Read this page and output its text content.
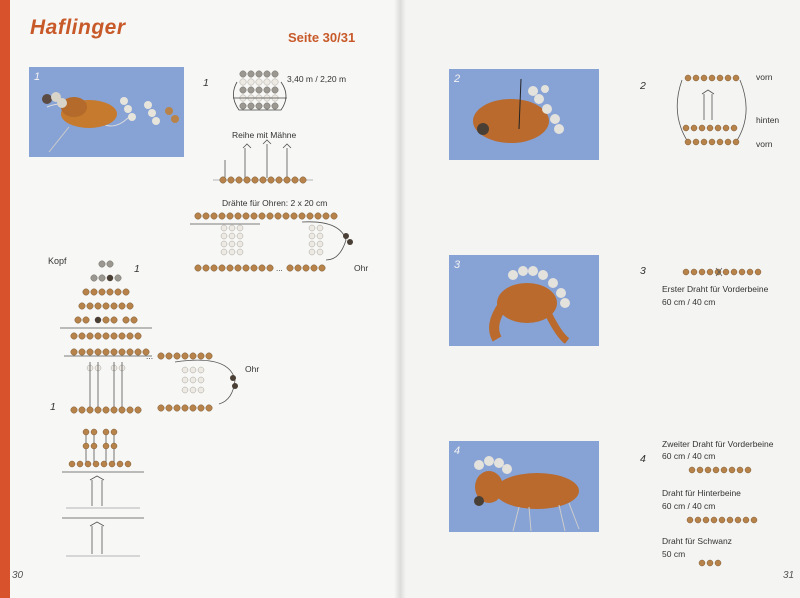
Haflinger	Seite 30/31
1	1	3,40 m / 2,20 m
Reihe mit Mähne
Drähte für Ohren: 2 x 20 cm
...	Ohr
Kopf
1
...
Ohr
1
30
2
2
vorn
hinten
vorn
3	3
Erster Draht für Vorderbeine
60 cm / 40 cm
4
4
Zweiter Draht für Vorderbeine
60 cm / 40 cm
Draht für Hinterbeine
60 cm / 40 cm
Draht für Schwanz
50 cm
31
